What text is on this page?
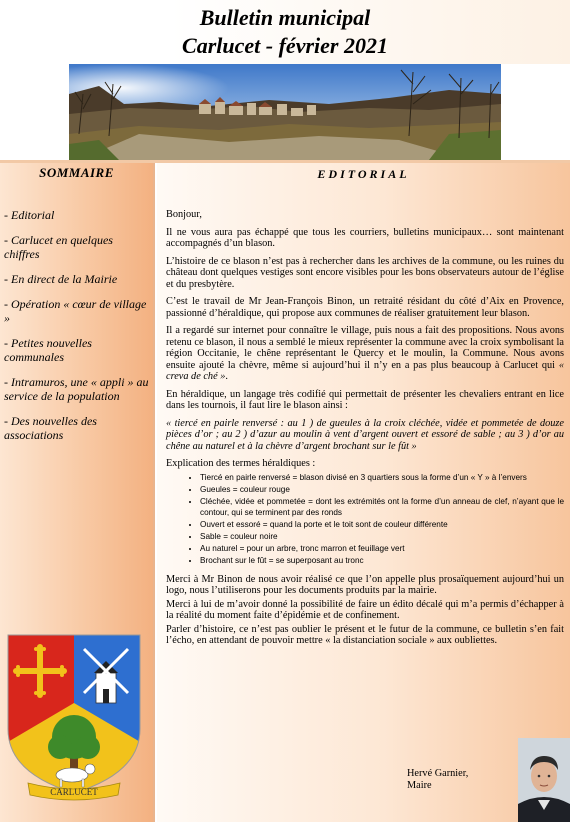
Bulletin municipal
Carlucet - février 2021
SOMMAIRE
- Editorial
- Carlucet en quelques chiffres
- En direct de la Mairie
- Opération « cœur de village »
- Petites nouvelles communales
- Intramuros, une « appli » au service de la population
- Des nouvelles des associations
CARLUCET
EDITORIAL

Bonjour,

Il ne vous aura pas échappé que tous les courriers, bulletins municipaux… sont maintenant accompagnés d’un blason.

L’histoire de ce blason n’est pas à rechercher dans les archives de la commune, ou les ruines du château dont quelques vestiges sont encore visibles pour les bons observateurs autour de l’église et du presbytère.

C’est le travail de Mr Jean-François Binon, un retraité résidant du côté d’Aix en Provence, passionné d’héraldique, qui propose aux communes de réaliser gratuitement leur blason.

Il a regardé sur internet pour connaître le village, puis nous a fait des propositions. Nous avons retenu ce blason, il nous a semblé le mieux représenter la commune avec la croix symbolisant la région Occitanie, le chêne représentant le Quercy et le moulin, la Commune. Nous avons ensuite ajouté la chèvre, même si aujourd’hui il n’y en a pas plus beaucoup à Carlucet qui « creva de ché ».

En héraldique, un langage très codifié qui permettait de présenter les chevaliers entrant en lice dans les tournois, il faut lire le blason ainsi :

« tiercé en pairle renversé : au 1 ) de gueules à la croix cléchée, vidée et pommetée de douze pièces d’or ; au 2 ) d’azur au moulin à vent d’argent ouvert et essoré de sable ; au 3 ) d’or au chêne au naturel et à la chèvre d’argent brochant sur le fût »

Explication des termes héraldiques :

• Tiercé en pairle renversé = blason divisé en 3 quartiers sous la forme d’un « Y » à l’envers
• Gueules = couleur rouge
• Cléchée, vidée et pommetée = dont les extrémités ont la forme d’un anneau de clef, n’ayant que le contour, qui se terminent par des ronds
• Ouvert et essoré = quand la porte et le toit sont de couleur différente
• Sable = couleur noire
• Au naturel = pour un arbre, tronc marron et feuillage vert
• Brochant sur le fût = se superposant au tronc

Merci à Mr Binon de nous avoir réalisé ce que l’on appelle plus prosaïquement aujourd’hui un logo, nous l’utiliserons pour les documents produits par la mairie.

Merci à lui de m’avoir donné la possibilité de faire un édito décalé qui m’a permis d’échapper à la réalité du moment faite d’épidémie et de confinement.

Parler d’histoire, ce n’est pas oublier le présent et le futur de la commune, ce bulletin s’en fait l’écho, en attendant de pouvoir mettre « la distanciation sociale » aux oubliettes.

Hervé Garnier,
Maire
